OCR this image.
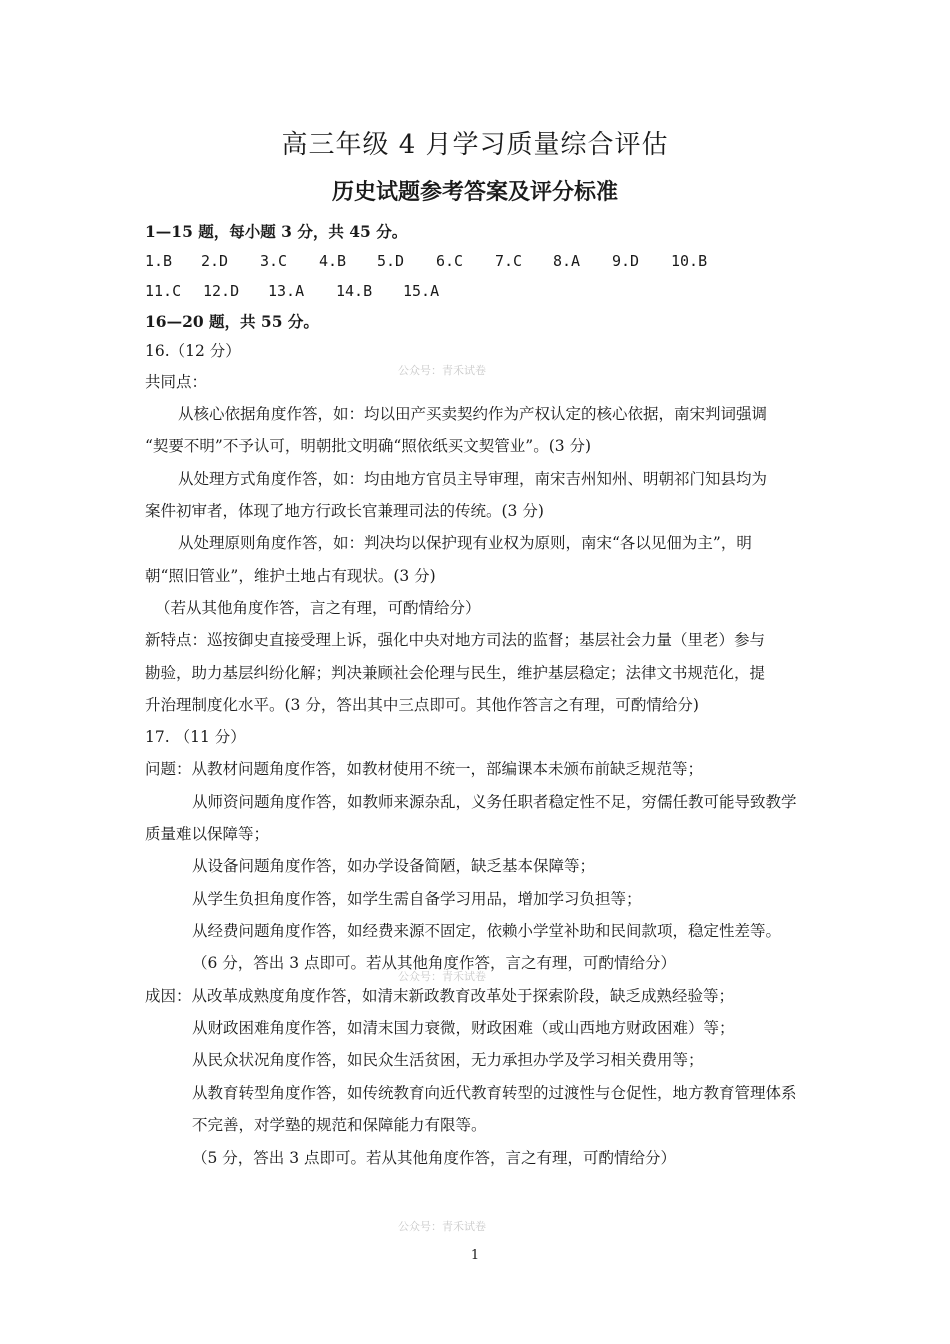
高三年级 4 月学习质量综合评估
历史试题参考答案及评分标准
1—15 题，每小题 3 分，共 45 分。
1.B 2.D 3.C 4.B 5.D 6.C 7.C 8.A 9.D 10.B
11.C 12.D 13.A 14.B 15.A
16—20 题，共 55 分。
16.（12 分）
共同点：
从核心依据角度作答，如：均以田产买卖契约作为产权认定的核心依据，南宋判词强调
“契要不明”不予认可，明朝批文明确“照依纸买文契管业”。(3 分)
从处理方式角度作答，如：均由地方官员主导审理，南宋吉州知州、明朝祁门知县均为
案件初审者，体现了地方行政长官兼理司法的传统。(3 分)
从处理原则角度作答，如：判决均以保护现有业权为原则，南宋“各以见佃为主”，明
朝“照旧管业”，维护土地占有现状。(3 分)
（若从其他角度作答，言之有理，可酌情给分）
新特点：巡按御史直接受理上诉，强化中央对地方司法的监督；基层社会力量（里老）参与
勘验，助力基层纠纷化解；判决兼顾社会伦理与民生，维护基层稳定；法律文书规范化，提
升治理制度化水平。(3 分，答出其中三点即可。其他作答言之有理，可酌情给分)
17. （11 分）
问题：从教材问题角度作答，如教材使用不统一，部编课本未颁布前缺乏规范等；
从师资问题角度作答，如教师来源杂乱，义务任职者稳定性不足，穷儒任教可能导致教学
质量难以保障等；
从设备问题角度作答，如办学设备简陋，缺乏基本保障等；
从学生负担角度作答，如学生需自备学习用品，增加学习负担等；
从经费问题角度作答，如经费来源不固定，依赖小学堂补助和民间款项，稳定性差等。
（6 分，答出 3 点即可。若从其他角度作答，言之有理，可酌情给分）
成因：从改革成熟度角度作答，如清末新政教育改革处于探索阶段，缺乏成熟经验等；
从财政困难角度作答，如清末国力衰微，财政困难（或山西地方财政困难）等；
从民众状况角度作答，如民众生活贫困，无力承担办学及学习相关费用等；
从教育转型角度作答，如传统教育向近代教育转型的过渡性与仓促性，地方教育管理体系
不完善，对学塾的规范和保障能力有限等。
（5 分，答出 3 点即可。若从其他角度作答，言之有理，可酌情给分）
公众号：青禾试卷
公众号：青禾试卷
公众号：青禾试卷
1
